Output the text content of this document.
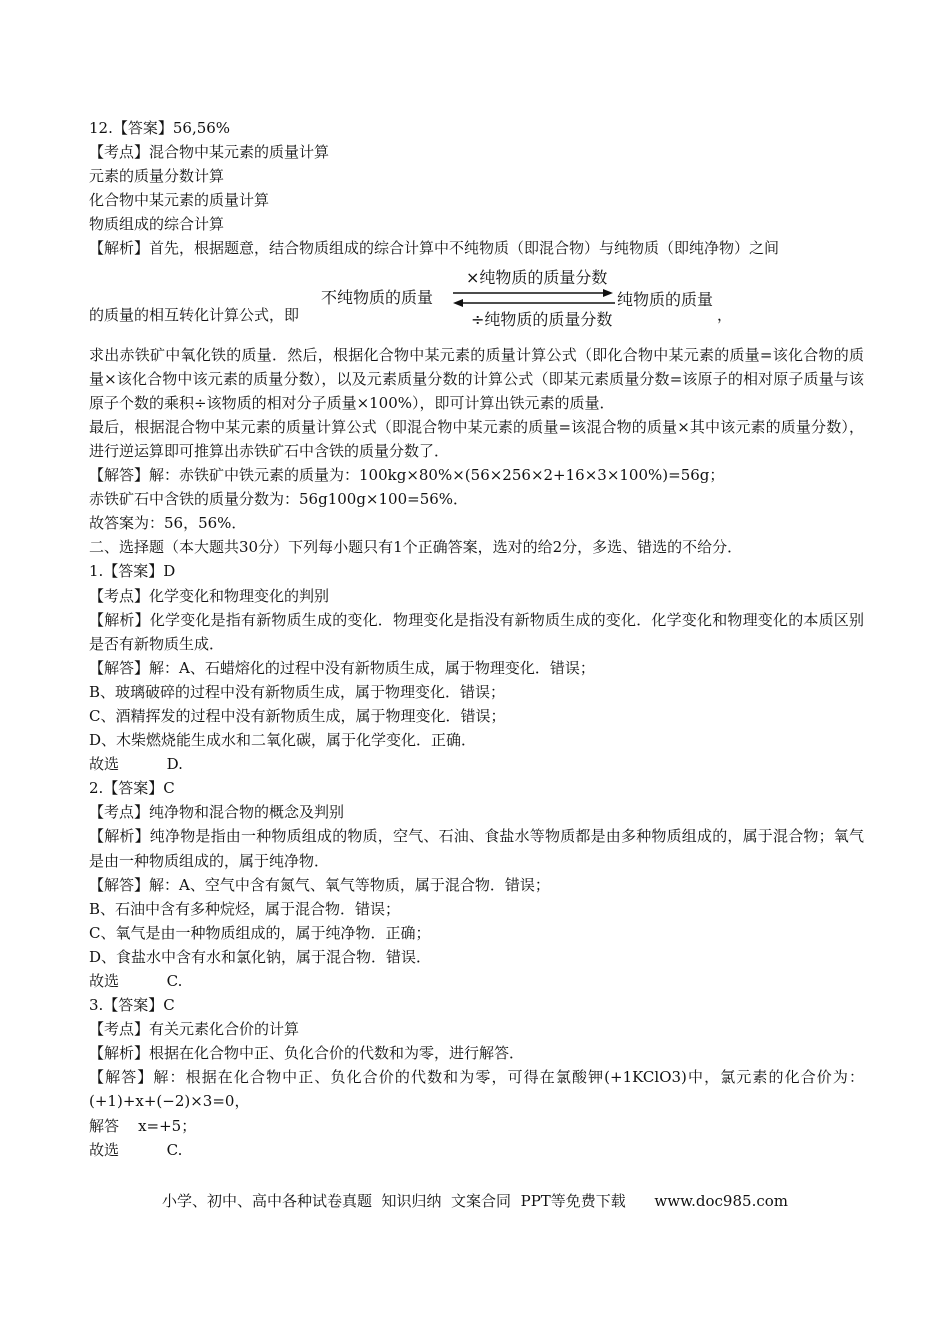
12.【答案】56,56%
【考点】混合物中某元素的质量计算
元素的质量分数计算
化合物中某元素的质量计算
物质组成的综合计算
【解析】首先，根据题意，结合物质组成的综合计算中不纯物质（即混合物）与纯物质（即纯净物）之间
的质量的相互转化计算公式，即
×纯物质的质量分数
不纯物质的质量	纯物质的质量
÷纯物质的质量分数	，
求出赤铁矿中氧化铁的质量．然后，根据化合物中某元素的质量计算公式（即化合物中某元素的质量=该化合物的质量×该化合物中该元素的质量分数），以及元素质量分数的计算公式（即某元素质量分数=该原子的相对原子质量与该原子个数的乘积÷该物质的相对分子质量×100%），即可计算出铁元素的质量．
最后，根据混合物中某元素的质量计算公式（即混合物中某元素的质量=该混合物的质量×其中该元素的质量分数），进行逆运算即可推算出赤铁矿石中含铁的质量分数了．
【解答】解：赤铁矿中铁元素的质量为：100kg×80%×(56×256×2+16×3×100%)=56g；
赤铁矿石中含铁的质量分数为：56g100g×100=56%．
故答案为：56，56%．
二、选择题（本大题共30分）下列每小题只有1个正确答案，选对的给2分，多选、错选的不给分．
1.【答案】D
【考点】化学变化和物理变化的判别
【解析】化学变化是指有新物质生成的变化．物理变化是指没有新物质生成的变化．化学变化和物理变化的本质区别是否有新物质生成．
【解答】解：A、石蜡熔化的过程中没有新物质生成，属于物理变化．错误；
B、玻璃破碎的过程中没有新物质生成，属于物理变化．错误；
C、酒精挥发的过程中没有新物质生成，属于物理变化．错误；
D、木柴燃烧能生成水和二氧化碳，属于化学变化．正确．
故选          D.
2.【答案】C
【考点】纯净物和混合物的概念及判别
【解析】纯净物是指由一种物质组成的物质，空气、石油、食盐水等物质都是由多种物质组成的，属于混合物；氧气是由一种物质组成的，属于纯净物．
【解答】解：A、空气中含有氮气、氧气等物质，属于混合物．错误；
B、石油中含有多种烷烃，属于混合物．错误；
C、氧气是由一种物质组成的，属于纯净物．正确；
D、食盐水中含有水和氯化钠，属于混合物．错误．
故选          C.
3.【答案】C
【考点】有关元素化合价的计算
【解析】根据在化合物中正、负化合价的代数和为零，进行解答．
【解答】解：根据在化合物中正、负化合价的代数和为零，可得在氯酸钾(+1KClO3)中，氯元素的化合价为：(+1)+x+(−2)×3=0，
解答    x=+5；
故选          C.
小学、初中、高中各种试卷真题  知识归纳  文案合同  PPT等免费下载      www.doc985.com
